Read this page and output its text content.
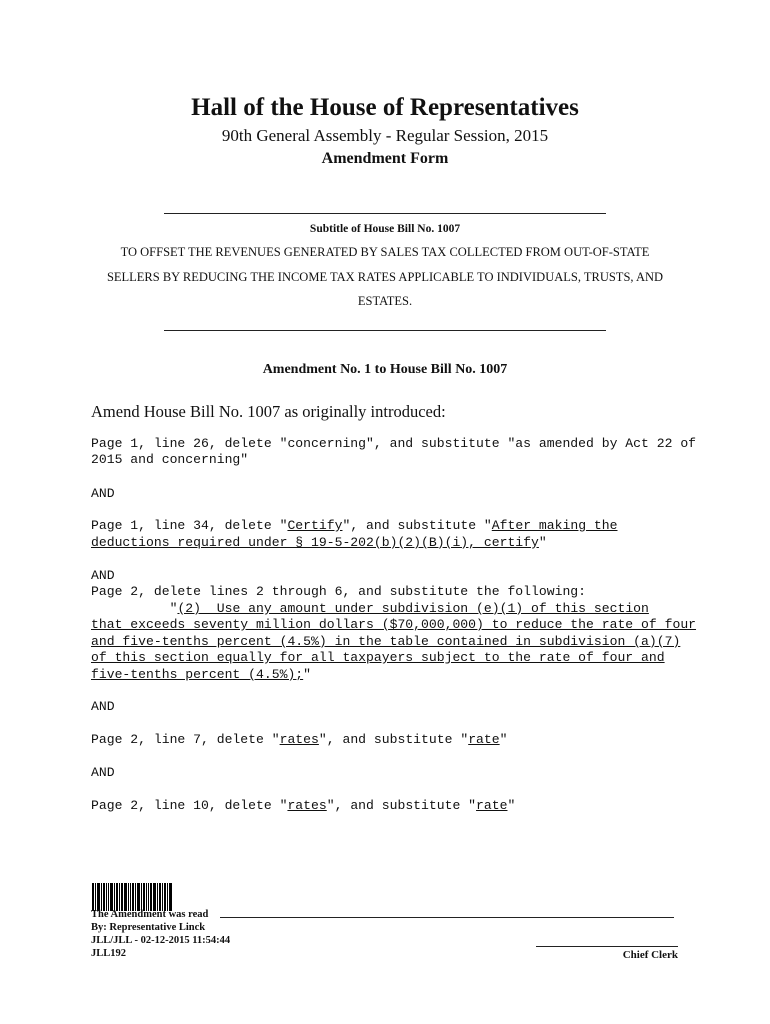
Hall of the House of Representatives
90th General Assembly - Regular Session, 2015
Amendment Form
Subtitle of House Bill No. 1007
TO OFFSET THE REVENUES GENERATED BY SALES TAX COLLECTED FROM OUT-OF-STATE
SELLERS BY REDUCING THE INCOME TAX RATES APPLICABLE TO INDIVIDUALS, TRUSTS, AND
ESTATES.
Amendment No. 1 to House Bill No. 1007
Amend House Bill No. 1007 as originally introduced:
Page 1, line 26, delete "concerning", and substitute "as amended by Act 22 of
2015 and concerning"
AND
Page 1, line 34, delete "Certify", and substitute "After making the
deductions required under § 19-5-202(b)(2)(B)(i), certify"
AND
Page 2, delete lines 2 through 6, and substitute the following:
"(2)  Use any amount under subdivision (e)(1) of this section
that exceeds seventy million dollars ($70,000,000) to reduce the rate of four
and five-tenths percent (4.5%) in the table contained in subdivision (a)(7)
of this section equally for all taxpayers subject to the rate of four and
five-tenths percent (4.5%);"
AND
Page 2, line 7, delete "rates", and substitute "rate"
AND
Page 2, line 10, delete "rates", and substitute "rate"
The Amendment was read
By: Representative Linck
JLL/JLL - 02-12-2015 11:54:44
JLL192	Chief Clerk
